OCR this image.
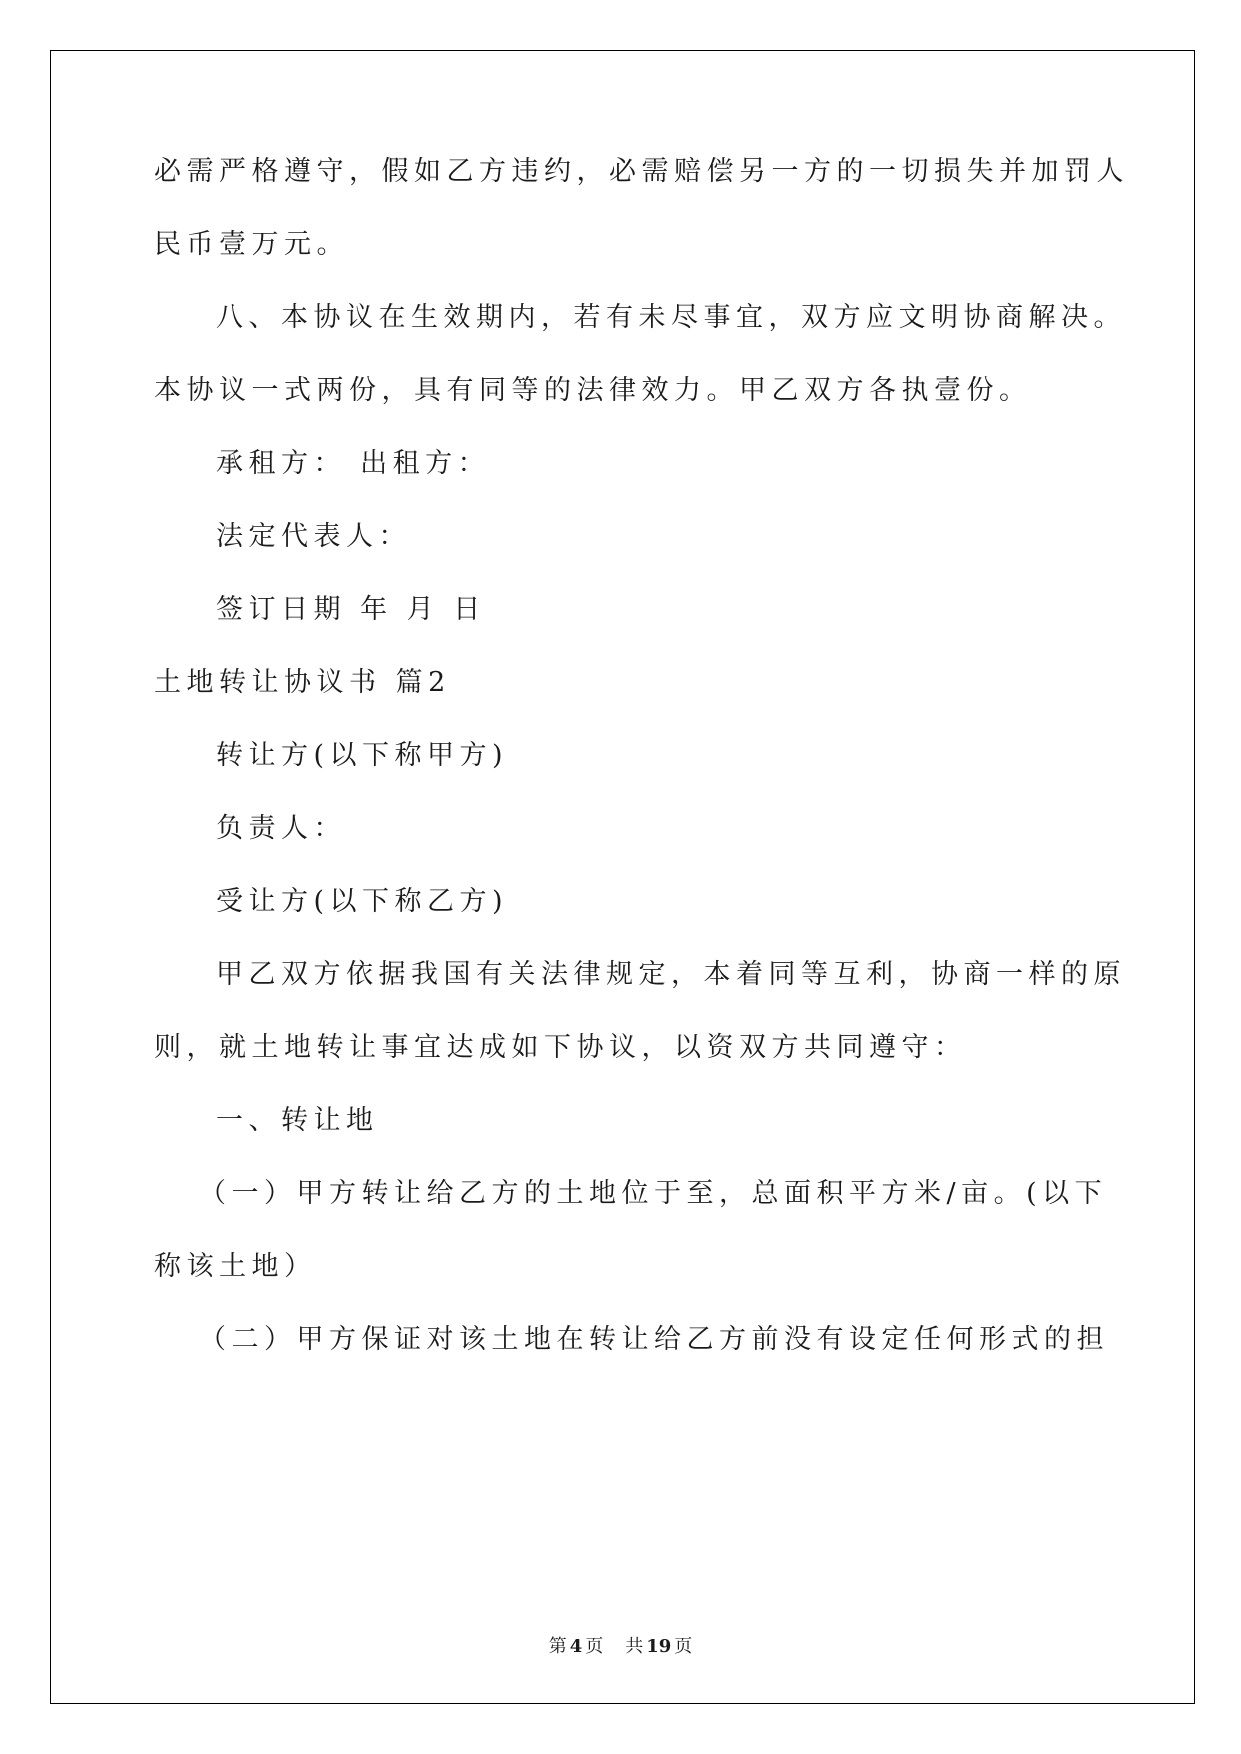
必需严格遵守，假如乙方违约，必需赔偿另一方的一切损失并加罚人
民币壹万元。
八、本协议在生效期内，若有未尽事宜，双方应文明协商解决。
本协议一式两份，具有同等的法律效力。甲乙双方各执壹份。
承租方： 出租方：
法定代表人：
签订日期 年 月 日
土地转让协议书 篇2
转让方(以下称甲方)
负责人：
受让方(以下称乙方)
甲乙双方依据我国有关法律规定，本着同等互利，协商一样的原
则，就土地转让事宜达成如下协议，以资双方共同遵守：
一、转让地
（一）甲方转让给乙方的土地位于至，总面积平方米/亩。(以下
称该土地）
（二）甲方保证对该土地在转让给乙方前没有设定任何形式的担
第 4 页 共 19 页
